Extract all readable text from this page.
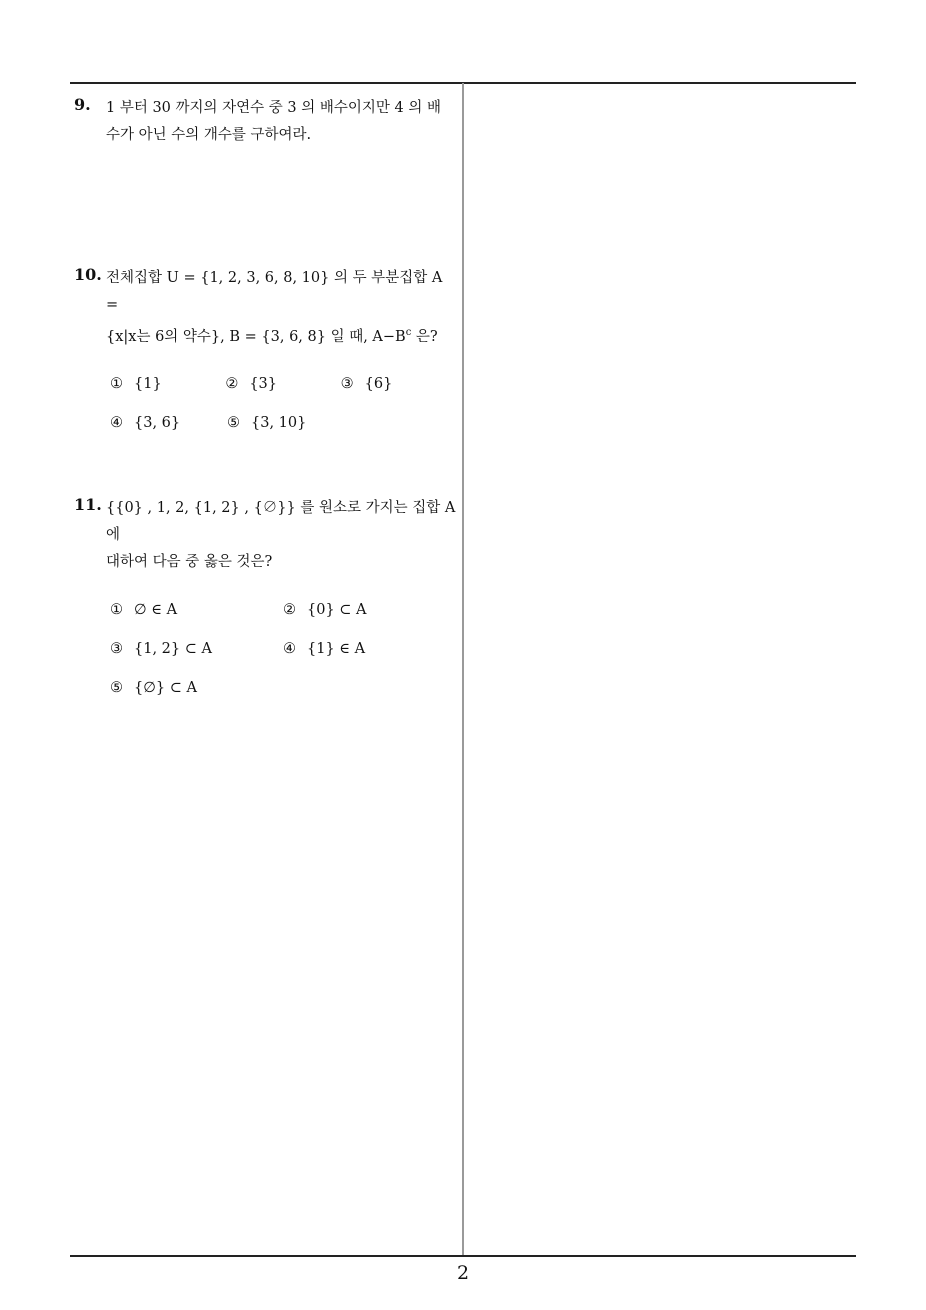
9. 1 부터 30 까지의 자연수 중 3 의 배수이지만 4 의 배
수가 아닌 수의 개수를 구하여라.
10. 전체집합 U = {1, 2, 3, 6, 8, 10} 의 두 부분집합 A =
{x|x는 6의 약수}, B = {3, 6, 8} 일 때, $A-B^c$ 은?
① {1}	② {3}	③ {6}
④ {3, 6}	⑤ {3, 10}
11. {{0} , 1, 2, {1, 2} , {∅}} 를 원소로 가지는 집합 A 에
대하여 다음 중 옳은 것은?
① ∅ ∈ A	② {0} ⊂ A
③ {1, 2} ⊂ A	④ {1} ∈ A
⑤ {∅} ⊂ A
2
